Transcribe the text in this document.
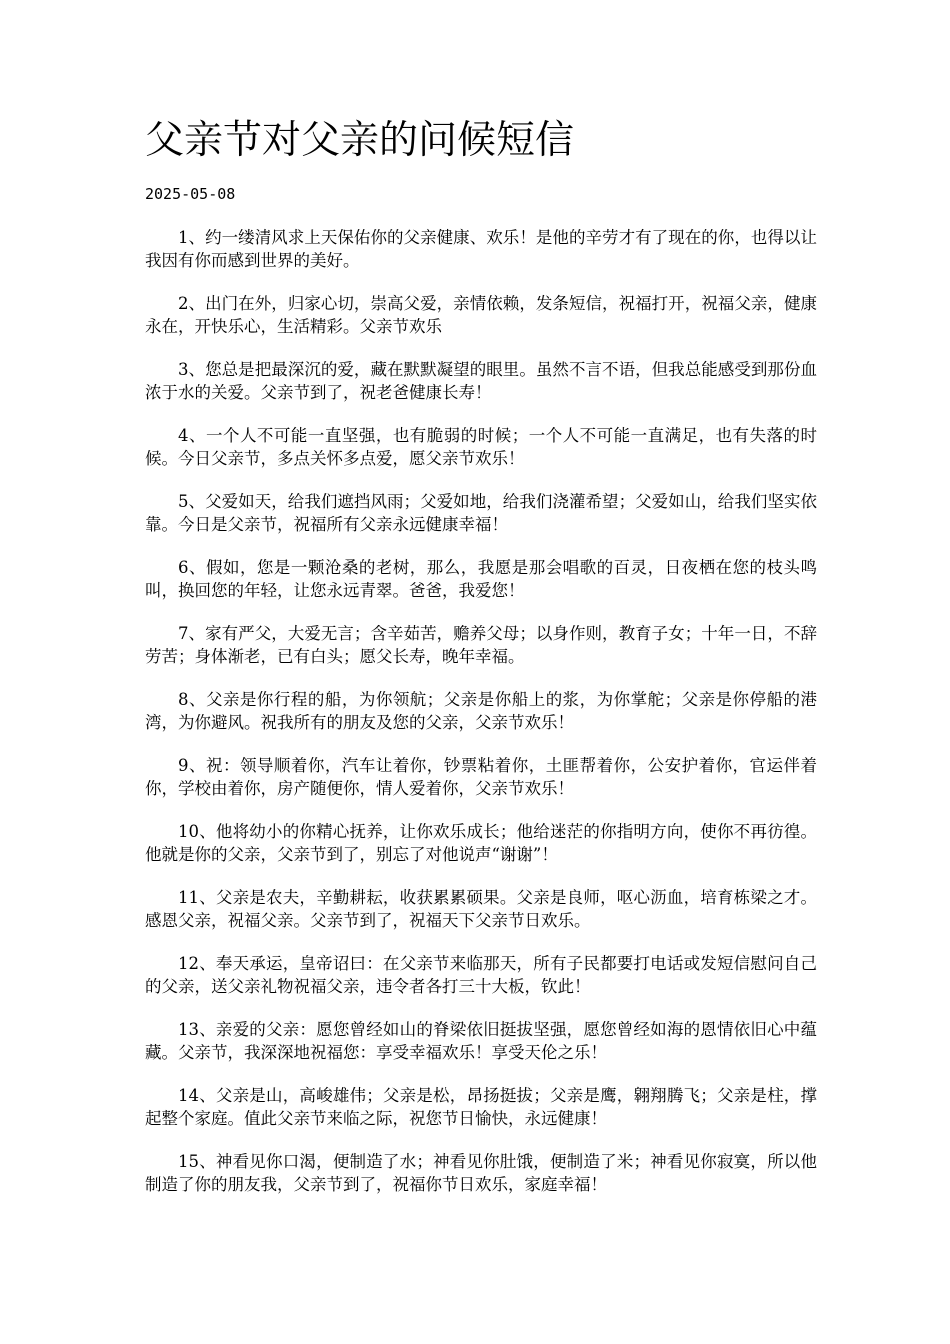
父亲节对父亲的问候短信
2025-05-08

1、约一缕清风求上天保佑你的父亲健康、欢乐！是他的辛劳才有了现在的你，也得以让我因有你而感到世界的美好。

2、出门在外，归家心切，崇高父爱，亲情依赖，发条短信，祝福打开，祝福父亲，健康永在，开快乐心，生活精彩。父亲节欢乐

3、您总是把最深沉的爱，藏在默默凝望的眼里。虽然不言不语，但我总能感受到那份血浓于水的关爱。父亲节到了，祝老爸健康长寿！

4、一个人不可能一直坚强，也有脆弱的时候；一个人不可能一直满足，也有失落的时候。今日父亲节，多点关怀多点爱，愿父亲节欢乐！

5、父爱如天，给我们遮挡风雨；父爱如地，给我们浇灌希望；父爱如山，给我们坚实依靠。今日是父亲节，祝福所有父亲永远健康幸福！

6、假如，您是一颗沧桑的老树，那么，我愿是那会唱歌的百灵，日夜栖在您的枝头鸣叫，换回您的年轻，让您永远青翠。爸爸，我爱您！

7、家有严父，大爱无言；含辛茹苦，赡养父母；以身作则，教育子女；十年一日，不辞劳苦；身体渐老，已有白头；愿父长寿，晚年幸福。

8、父亲是你行程的船，为你领航；父亲是你船上的浆，为你掌舵；父亲是你停船的港湾，为你避风。祝我所有的朋友及您的父亲，父亲节欢乐！

9、祝：领导顺着你，汽车让着你，钞票粘着你，土匪帮着你，公安护着你，官运伴着你，学校由着你，房产随便你，情人爱着你，父亲节欢乐！

10、他将幼小的你精心抚养，让你欢乐成长；他给迷茫的你指明方向，使你不再彷徨。他就是你的父亲，父亲节到了，别忘了对他说声“谢谢”！

11、父亲是农夫，辛勤耕耘，收获累累硕果。父亲是良师，呕心沥血，培育栋梁之才。感恩父亲，祝福父亲。父亲节到了，祝福天下父亲节日欢乐。

12、奉天承运，皇帝诏曰：在父亲节来临那天，所有子民都要打电话或发短信慰问自己的父亲，送父亲礼物祝福父亲，违令者各打三十大板，钦此！

13、亲爱的父亲：愿您曾经如山的脊梁依旧挺拔坚强，愿您曾经如海的恩情依旧心中蕴藏。父亲节，我深深地祝福您：享受幸福欢乐！享受天伦之乐！

14、父亲是山，高峻雄伟；父亲是松，昂扬挺拔；父亲是鹰，翱翔腾飞；父亲是柱，撑起整个家庭。值此父亲节来临之际，祝您节日愉快，永远健康！

15、神看见你口渴，便制造了水；神看见你肚饿，便制造了米；神看见你寂寞，所以他制造了你的朋友我，父亲节到了，祝福你节日欢乐，家庭幸福！
